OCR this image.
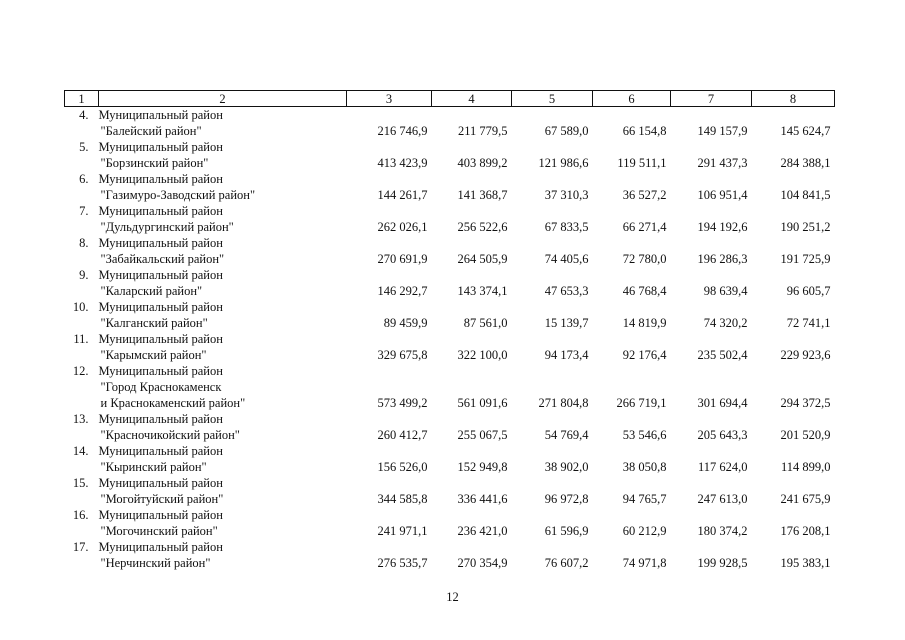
1	2	3	4	5	6	7	8
4.	Муниципальный район
"Балейский район"	216 746,9	211 779,5	67 589,0	66 154,8	149 157,9	145 624,7
5.	Муниципальный район
"Борзинский район"	413 423,9	403 899,2	121 986,6	119 511,1	291 437,3	284 388,1
6.	Муниципальный район
"Газимуро-Заводский район"	144 261,7	141 368,7	37 310,3	36 527,2	106 951,4	104 841,5
7.	Муниципальный район
"Дульдургинский район"	262 026,1	256 522,6	67 833,5	66 271,4	194 192,6	190 251,2
8.	Муниципальный район
"Забайкальский район"	270 691,9	264 505,9	74 405,6	72 780,0	196 286,3	191 725,9
9.	Муниципальный район
"Каларский район"	146 292,7	143 374,1	47 653,3	46 768,4	98 639,4	96 605,7
10.	Муниципальный район
"Калганский район"	89 459,9	87 561,0	15 139,7	14 819,9	74 320,2	72 741,1
11.	Муниципальный район
"Карымский район"	329 675,8	322 100,0	94 173,4	92 176,4	235 502,4	229 923,6
12.	Муниципальный район
"Город Краснокаменск
и Краснокаменский район"	573 499,2	561 091,6	271 804,8	266 719,1	301 694,4	294 372,5
13.	Муниципальный район
"Красночикойский район"	260 412,7	255 067,5	54 769,4	53 546,6	205 643,3	201 520,9
14.	Муниципальный район
"Кыринский район"	156 526,0	152 949,8	38 902,0	38 050,8	117 624,0	114 899,0
15.	Муниципальный район
"Могойтуйский район"	344 585,8	336 441,6	96 972,8	94 765,7	247 613,0	241 675,9
16.	Муниципальный район
"Могочинский район"	241 971,1	236 421,0	61 596,9	60 212,9	180 374,2	176 208,1
17.	Муниципальный район
"Нерчинский район"	276 535,7	270 354,9	76 607,2	74 971,8	199 928,5	195 383,1
12
